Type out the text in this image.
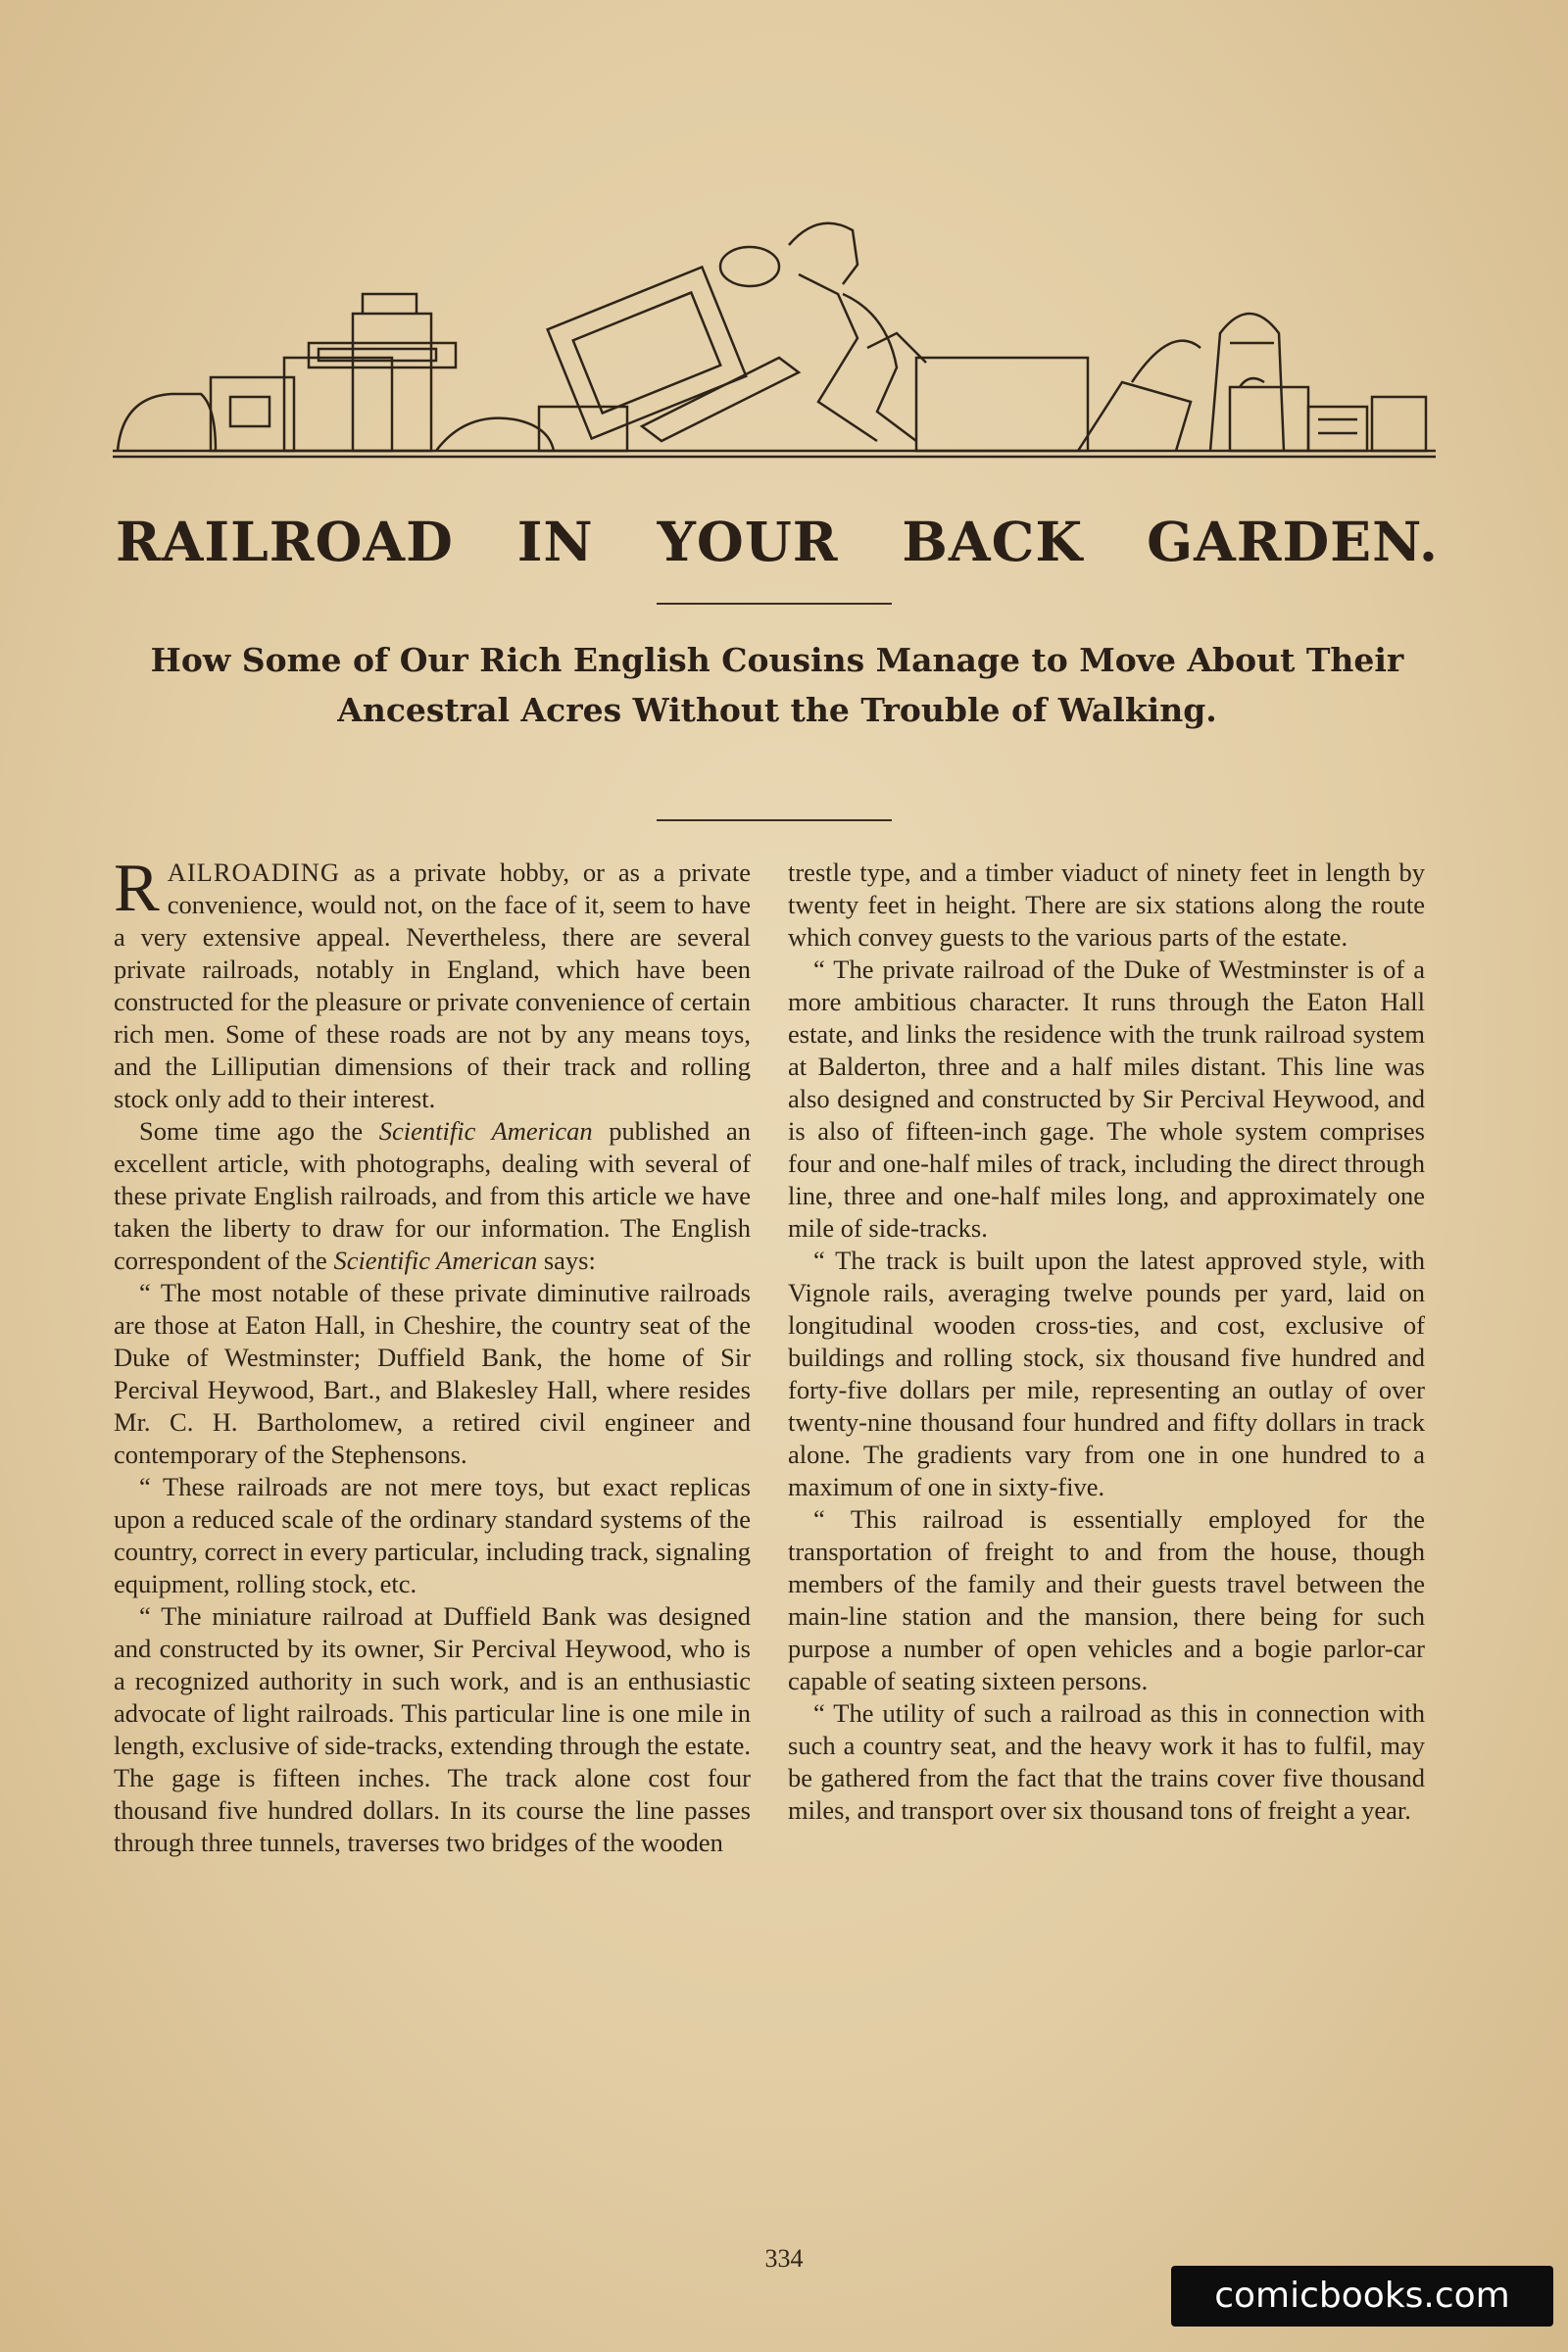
RAILROAD IN YOUR BACK GARDEN.
How Some of Our Rich English Cousins Manage to Move About Their Ancestral Acres Without the Trouble of Walking.

RAILROADING as a private hobby, or as a private convenience, would not, on the face of it, seem to have a very extensive appeal. Nevertheless, there are several private railroads, notably in England, which have been constructed for the pleasure or private convenience of certain rich men. Some of these roads are not by any means toys, and the Lilliputian dimensions of their track and rolling stock only add to their interest.

Some time ago the Scientific American published an excellent article, with photographs, dealing with several of these private English railroads, and from this article we have taken the liberty to draw for our information. The English correspondent of the Scientific American says:

“ The most notable of these private diminutive railroads are those at Eaton Hall, in Cheshire, the country seat of the Duke of Westminster; Duffield Bank, the home of Sir Percival Heywood, Bart., and Blakesley Hall, where resides Mr. C. H. Bartholomew, a retired civil engineer and contemporary of the Stephensons.

“ These railroads are not mere toys, but exact replicas upon a reduced scale of the ordinary standard systems of the country, correct in every particular, including track, signaling equipment, rolling stock, etc.

“ The miniature railroad at Duffield Bank was designed and constructed by its owner, Sir Percival Heywood, who is a recognized authority in such work, and is an enthusiastic advocate of light railroads. This particular line is one mile in length, exclusive of side-tracks, extending through the estate. The gage is fifteen inches. The track alone cost four thousand five hundred dollars. In its course the line passes through three tunnels, traverses two bridges of the wooden

trestle type, and a timber viaduct of ninety feet in length by twenty feet in height. There are six stations along the route which convey guests to the various parts of the estate.

“ The private railroad of the Duke of Westminster is of a more ambitious character. It runs through the Eaton Hall estate, and links the residence with the trunk railroad system at Balderton, three and a half miles distant. This line was also designed and constructed by Sir Percival Heywood, and is also of fifteen-inch gage. The whole system comprises four and one-half miles of track, including the direct through line, three and one-half miles long, and approximately one mile of side-tracks.

“ The track is built upon the latest approved style, with Vignole rails, averaging twelve pounds per yard, laid on longitudinal wooden cross-ties, and cost, exclusive of buildings and rolling stock, six thousand five hundred and forty-five dollars per mile, representing an outlay of over twenty-nine thousand four hundred and fifty dollars in track alone. The gradients vary from one in one hundred to a maximum of one in sixty-five.

“ This railroad is essentially employed for the transportation of freight to and from the house, though members of the family and their guests travel between the main-line station and the mansion, there being for such purpose a number of open vehicles and a bogie parlor-car capable of seating sixteen persons.

“ The utility of such a railroad as this in connection with such a country seat, and the heavy work it has to fulfil, may be gathered from the fact that the trains cover five thousand miles, and transport over six thousand tons of freight a year.

334
comicbooks.com
